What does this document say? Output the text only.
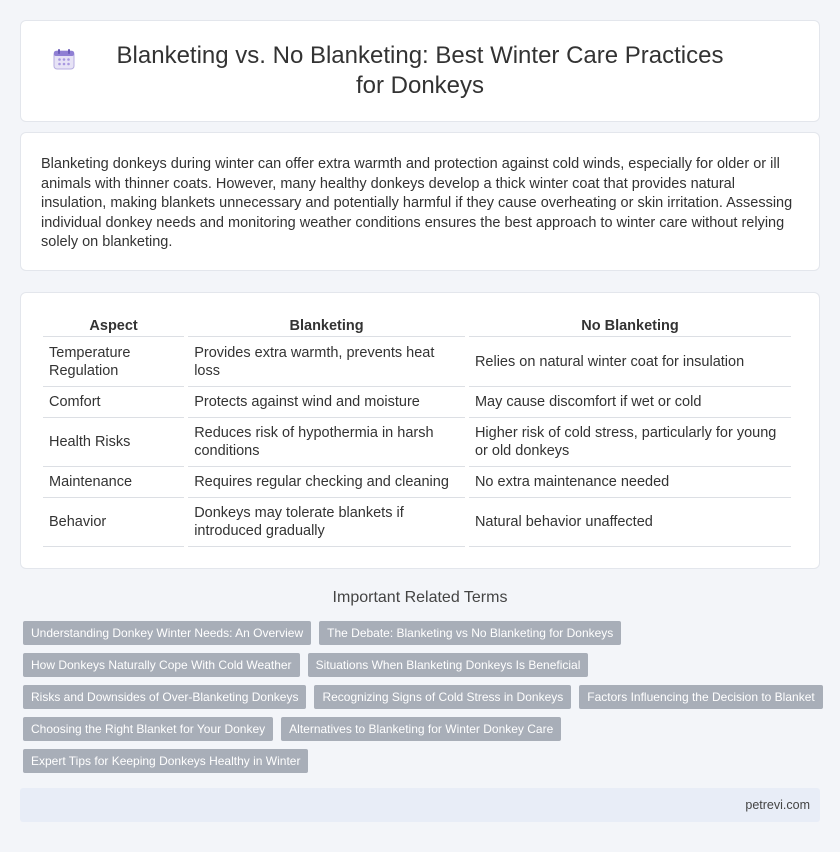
Blanketing vs. No Blanketing: Best Winter Care Practices for Donkeys

Blanketing donkeys during winter can offer extra warmth and protection against cold winds, especially for older or ill animals with thinner coats. However, many healthy donkeys develop a thick winter coat that provides natural insulation, making blankets unnecessary and potentially harmful if they cause overheating or skin irritation. Assessing individual donkey needs and monitoring weather conditions ensures the best approach to winter care without relying solely on blanketing.

Aspect	Blanketing	No Blanketing
Temperature Regulation	Provides extra warmth, prevents heat loss	Relies on natural winter coat for insulation
Comfort	Protects against wind and moisture	May cause discomfort if wet or cold
Health Risks	Reduces risk of hypothermia in harsh conditions	Higher risk of cold stress, particularly for young or old donkeys
Maintenance	Requires regular checking and cleaning	No extra maintenance needed
Behavior	Donkeys may tolerate blankets if introduced gradually	Natural behavior unaffected
Important Related Terms
Understanding Donkey Winter Needs: An Overview	The Debate: Blanketing vs No Blanketing for Donkeys
How Donkeys Naturally Cope With Cold Weather	Situations When Blanketing Donkeys Is Beneficial
Risks and Downsides of Over-Blanketing Donkeys	Recognizing Signs of Cold Stress in Donkeys	Factors Influencing the Decision to Blanket
Choosing the Right Blanket for Your Donkey	Alternatives to Blanketing for Winter Donkey Care
Expert Tips for Keeping Donkeys Healthy in Winter
petrevi.com
